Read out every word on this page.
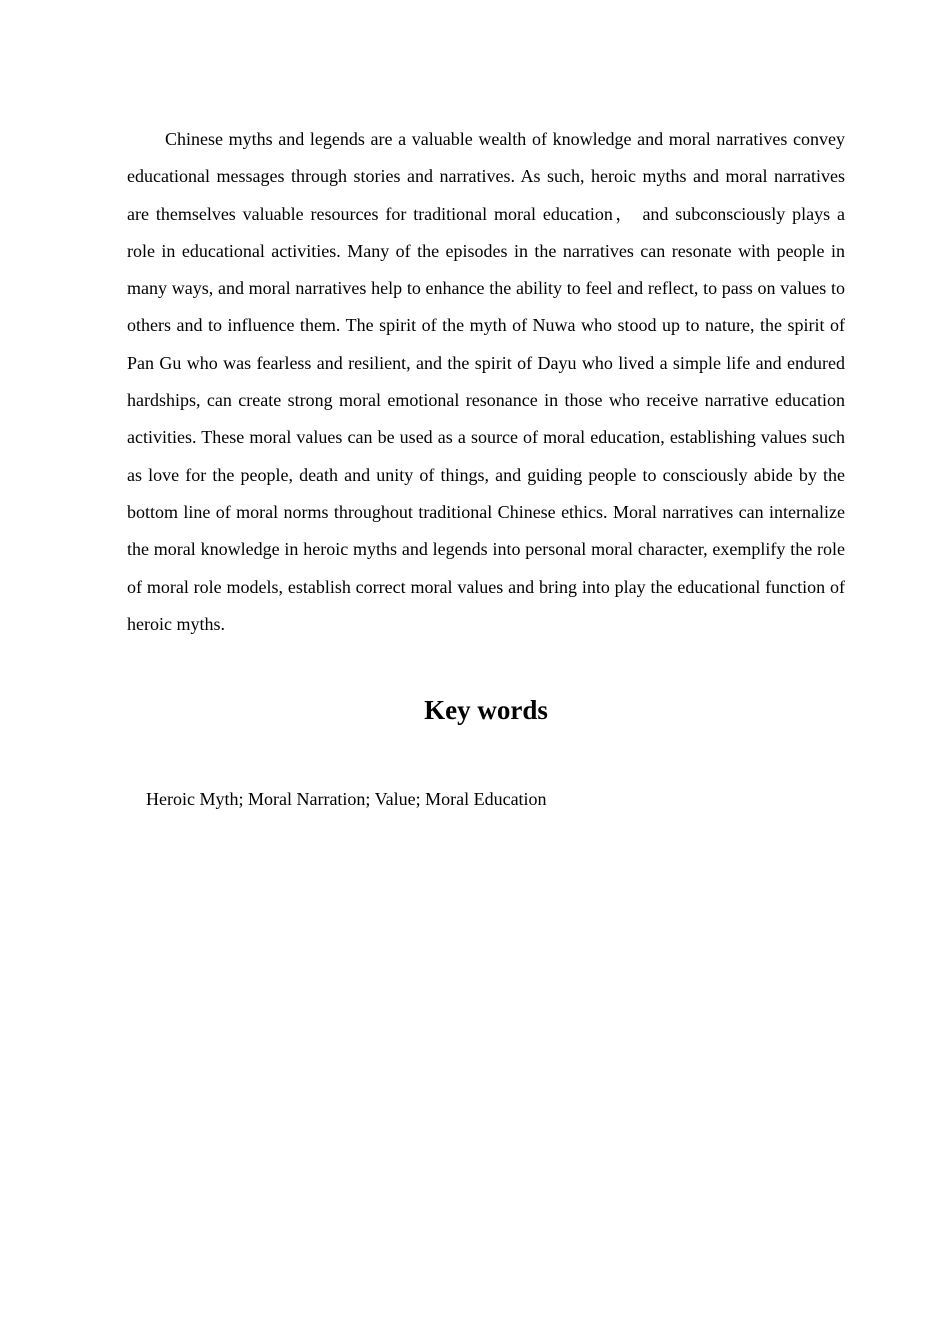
Chinese myths and legends are a valuable wealth of knowledge and moral narratives convey educational messages through stories and narratives. As such, heroic myths and moral narratives are themselves valuable resources for traditional moral education， and subconsciously plays a role in educational activities. Many of the episodes in the narratives can resonate with people in many ways, and moral narratives help to enhance the ability to feel and reflect, to pass on values to others and to influence them. The spirit of the myth of Nuwa who stood up to nature, the spirit of Pan Gu who was fearless and resilient, and the spirit of Dayu who lived a simple life and endured hardships, can create strong moral emotional resonance in those who receive narrative education activities. These moral values can be used as a source of moral education, establishing values such as love for the people, death and unity of things, and guiding people to consciously abide by the bottom line of moral norms throughout traditional Chinese ethics. Moral narratives can internalize the moral knowledge in heroic myths and legends into personal moral character, exemplify the role of moral role models, establish correct moral values and bring into play the educational function of heroic myths.

Key words

Heroic Myth; Moral Narration; Value; Moral Education
